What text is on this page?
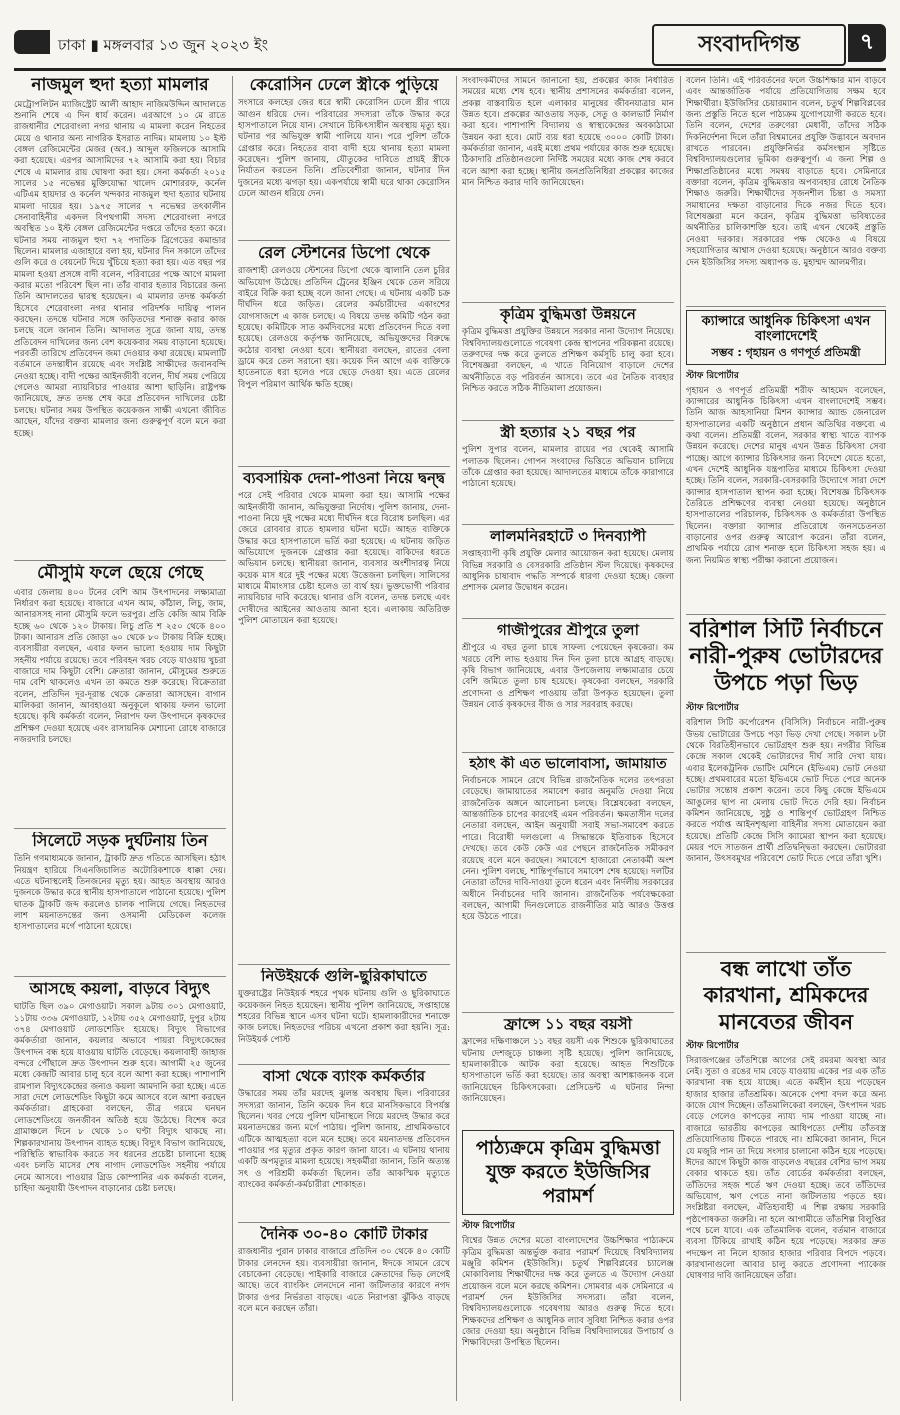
ঢাকা ▮ মঙ্গলবার ১৩ জুন ২০২৩ ইং	সংবাদদিগন্ত	৭
নাজমুল হুদা হত্যা মামলার

মেট্রোপলিটন ম্যাজিস্ট্রেট আলী আহাদ নাজিমউদ্দিন আদালতে শুনানি শেষে এ দিন ধার্য করেন। এরআগে ১০ মে রাতে রাজধানীর শেরেবাংলা নগর থানায় এ মামলা করেন নিহতের মেয়ে ও থানার অন্য নাগরিক ইসরাত নাদিম। মামলায় ১০ ইস্ট বেঙ্গল রেজিমেন্টের মেজর (অব.) আব্দুল ফজিলকে আসামি করা হয়েছে। এরপর আসামিদের ৭২ আসামি করা হয়। বিচার শেষে এ মামলার রায় ঘোষণা করা হয়। সেনা কর্মকর্তা ২০১৫ সালের ১৫ নভেম্বর মুক্তিযোদ্ধা খালেদ মোশাররফ, কর্নেল এটিএম হায়দার ও কর্নেল খন্দকার নাজমুল হুদা হত্যার ঘটনায় মামলা দায়ের হয়। ১৯৭৫ সালের ৭ নভেম্বর তৎকালীন সেনাবাহিনীর একদল বিপথগামী সদস্য শেরেবাংলা নগরে অবস্থিত ১০ ইস্ট বেঙ্গল রেজিমেন্টের দপ্তরে তাঁদের হত্যা করে। ঘটনার সময় নাজমুল হুদা ৭২ পদাতিক ব্রিগেডের কমান্ডার ছিলেন। মামলার এজাহারে বলা হয়, ঘটনার দিন সকালে তাঁদের গুলি করে ও বেয়নেট দিয়ে খুঁচিয়ে হত্যা করা হয়। এত বছর পর মামলা হওয়া প্রসঙ্গে বাদী বলেন, পরিবারের পক্ষে আগে মামলা করার মতো পরিবেশ ছিল না। তাঁর বাবার হত্যার বিচারের জন্য তিনি আদালতের দ্বারস্থ হয়েছেন। এ মামলার তদন্ত কর্মকর্তা হিসেবে শেরেবাংলা নগর থানার পরিদর্শক দায়িত্ব পালন করছেন। তদন্তে ঘটনার সঙ্গে জড়িতদের শনাক্ত করার কাজ চলছে বলে জানান তিনি। আদালত সূত্রে জানা যায়, তদন্ত প্রতিবেদন দাখিলের জন্য বেশ কয়েকবার সময় বাড়ানো হয়েছে। পরবর্তী তারিখে প্রতিবেদন জমা দেওয়ার কথা রয়েছে। মামলাটি বর্তমানে তদন্তাধীন রয়েছে এবং সংশ্লিষ্ট সাক্ষীদের জবানবন্দি নেওয়া হচ্ছে। বাদী পক্ষের আইনজীবী বলেন, দীর্ঘ সময় পেরিয়ে গেলেও আমরা ন্যায়বিচার পাওয়ার আশা ছাড়িনি। রাষ্ট্রপক্ষ জানিয়েছে, দ্রুত তদন্ত শেষ করে প্রতিবেদন দাখিলের চেষ্টা চলছে। ঘটনার সময় উপস্থিত কয়েকজন সাক্ষী এখনো জীবিত আছেন, যাঁদের বক্তব্য মামলার জন্য গুরুত্বপূর্ণ বলে মনে করা হচ্ছে।

মৌসুমি ফলে ছেয়ে গেছে

এবার জেলায় ৪০০ টনের বেশি আম উৎপাদনের লক্ষ্যমাত্রা নির্ধারণ করা হয়েছে। বাজারে এখন আম, কাঁঠাল, লিচু, জাম, আনারসসহ নানা মৌসুমি ফলে ভরপুর। প্রতি কেজি আম বিক্রি হচ্ছে ৬০ থেকে ১২০ টাকায়। লিচু প্রতি শ ২৫০ থেকে ৪০০ টাকা। আনারস প্রতি জোড়া ৬০ থেকে ৮০ টাকায় বিক্রি হচ্ছে। ব্যবসায়ীরা বলছেন, এবার ফলন ভালো হওয়ায় দাম কিছুটা সহনীয় পর্যায়ে রয়েছে। তবে পরিবহন খরচ বেড়ে যাওয়ায় খুচরা বাজারে দাম কিছুটা বেশি। ক্রেতারা জানান, মৌসুমের শুরুতে দাম বেশি থাকলেও এখন তা কমতে শুরু করেছে। বিক্রেতারা বলেন, প্রতিদিন দূর-দূরান্ত থেকে ক্রেতারা আসছেন। বাগান মালিকরা জানান, আবহাওয়া অনুকূলে থাকায় ফলন ভালো হয়েছে। কৃষি কর্মকর্তা বলেন, নিরাপদ ফল উৎপাদনে কৃষকদের প্রশিক্ষণ দেওয়া হয়েছে এবং রাসায়নিক মেশানো রোধে বাজারে নজরদারি চলছে।

সিলেটে সড়ক দুর্ঘটনায় তিন

তিনি গণমাধ্যমকে জানান, ট্রাকটি দ্রুত গতিতে আসছিল। হঠাৎ নিয়ন্ত্রণ হারিয়ে সিএনজিচালিত অটোরিকশাকে ধাক্কা দেয়। এতে ঘটনাস্থলেই তিনজনের মৃত্যু হয়। আহত অবস্থায় আরও দুজনকে উদ্ধার করে স্থানীয় হাসপাতালে পাঠানো হয়েছে। পুলিশ ঘাতক ট্রাকটি জব্দ করলেও চালক পালিয়ে গেছে। নিহতদের লাশ ময়নাতদন্তের জন্য ওসমানী মেডিকেল কলেজ হাসপাতালের মর্গে পাঠানো হয়েছে।

আসছে কয়লা, বাড়বে বিদ্যুৎ

ঘাটতি ছিল ৩৯০ মেগাওয়াট। সকাল ৯টায় ৩০১ মেগাওয়াট, ১১টায় ৩৩৬ মেগাওয়াট, ১২টায় ৩৫২ মেগাওয়াট, দুপুর ২টায় ৩৭৪ মেগাওয়াট লোডশেডিং হয়েছে। বিদ্যুৎ বিভাগের কর্মকর্তারা জানান, কয়লার অভাবে পায়রা বিদ্যুৎকেন্দ্রের উৎপাদন বন্ধ হয়ে যাওয়ায় ঘাটতি বেড়েছে। কয়লাবাহী জাহাজ বন্দরে পৌঁছালে দ্রুত উৎপাদন শুরু হবে। আগামী ২৫ জুনের মধ্যে কেন্দ্রটি আবার চালু হবে বলে আশা করা হচ্ছে। পাশাপাশি রামপাল বিদ্যুৎকেন্দ্রের জন্যও কয়লা আমদানি করা হচ্ছে। এতে সারা দেশে লোডশেডিং কিছুটা কমে আসবে বলে আশা করছেন কর্মকর্তারা। গ্রাহকেরা বলছেন, তীব্র গরমে ঘনঘন লোডশেডিংয়ে জনজীবন অতিষ্ঠ হয়ে উঠেছে। বিশেষ করে গ্রামাঞ্চলে দিনে ৮ থেকে ১০ ঘণ্টা বিদ্যুৎ থাকছে না। শিল্পকারখানায় উৎপাদন ব্যাহত হচ্ছে। বিদ্যুৎ বিভাগ জানিয়েছে, পরিস্থিতি স্বাভাবিক করতে সব ধরনের প্রচেষ্টা চালানো হচ্ছে এবং চলতি মাসের শেষ নাগাদ লোডশেডিং সহনীয় পর্যায়ে নেমে আসবে। পাওয়ার গ্রিড কোম্পানির এক কর্মকর্তা বলেন, চাহিদা অনুযায়ী উৎপাদন বাড়ানোর চেষ্টা চলছে।

কেরোসিন ঢেলে স্ত্রীকে পুড়িয়ে

সংসারে কলহের জের ধরে স্বামী কেরোসিন ঢেলে স্ত্রীর গায়ে আগুন ধরিয়ে দেন। পরিবারের সদস্যরা তাঁকে উদ্ধার করে হাসপাতালে নিয়ে যান। সেখানে চিকিৎসাধীন অবস্থায় মৃত্যু হয়। ঘটনার পর অভিযুক্ত স্বামী পালিয়ে যান। পরে পুলিশ তাঁকে গ্রেপ্তার করে। নিহতের বাবা বাদী হয়ে থানায় হত্যা মামলা করেছেন। পুলিশ জানায়, যৌতুকের দাবিতে প্রায়ই স্ত্রীকে নির্যাতন করতেন তিনি। প্রতিবেশীরা জানান, ঘটনার দিন দুজনের মধ্যে ঝগড়া হয়। একপর্যায়ে স্বামী ঘরে থাকা কেরোসিন ঢেলে আগুন ধরিয়ে দেন।

রেল স্টেশনের ডিপো থেকে

রাজশাহী রেলওয়ে স্টেশনের ডিপো থেকে জ্বালানি তেল চুরির অভিযোগ উঠেছে। প্রতিদিন ট্রেনের ইঞ্জিন থেকে তেল সরিয়ে বাইরে বিক্রি করা হচ্ছে বলে জানা গেছে। এ ঘটনায় একটি চক্র দীর্ঘদিন ধরে জড়িত। রেলের কর্মচারীদের একাংশের যোগসাজশে এ কাজ চলছে। এ বিষয়ে তদন্ত কমিটি গঠন করা হয়েছে। কমিটিকে সাত কর্মদিবসের মধ্যে প্রতিবেদন দিতে বলা হয়েছে। রেলওয়ে কর্তৃপক্ষ জানিয়েছে, অভিযুক্তদের বিরুদ্ধে কঠোর ব্যবস্থা নেওয়া হবে। স্থানীয়রা বলছেন, রাতের বেলা ড্রামে করে তেল সরানো হয়। কয়েক দিন আগে এক ব্যক্তিকে হাতেনাতে ধরা হলেও পরে ছেড়ে দেওয়া হয়। এতে রেলের বিপুল পরিমাণ আর্থিক ক্ষতি হচ্ছে।

ব্যবসায়িক দেনা-পাওনা নিয়ে দ্বন্দ্ব

পরে সেই পরিবার থেকে মামলা করা হয়। আসামি পক্ষের আইনজীবী জানান, অভিযুক্তরা নির্দোষ। পুলিশ জানায়, দেনা-পাওনা নিয়ে দুই পক্ষের মধ্যে দীর্ঘদিন ধরে বিরোধ চলছিল। এর জেরে রোববার রাতে হামলার ঘটনা ঘটে। আহত ব্যক্তিকে উদ্ধার করে হাসপাতালে ভর্তি করা হয়েছে। এ ঘটনায় জড়িত অভিযোগে দুজনকে গ্রেপ্তার করা হয়েছে। বাকিদের ধরতে অভিযান চলছে। স্থানীয়রা জানান, ব্যবসার অংশীদারত্ব নিয়ে কয়েক মাস ধরে দুই পক্ষের মধ্যে উত্তেজনা চলছিল। সালিসের মাধ্যমে মীমাংসার চেষ্টা হলেও তা ব্যর্থ হয়। ভুক্তভোগী পরিবার ন্যায়বিচার দাবি করেছে। থানার ওসি বলেন, তদন্ত চলছে এবং দোষীদের আইনের আওতায় আনা হবে। এলাকায় অতিরিক্ত পুলিশ মোতায়েন করা হয়েছে।

নিউইয়র্কে গুলি-ছুরিকাঘাতে

যুক্তরাষ্ট্রের নিউইয়র্ক শহরে পৃথক ঘটনায় গুলি ও ছুরিকাঘাতে কয়েকজন নিহত হয়েছেন। স্থানীয় পুলিশ জানিয়েছে, সপ্তাহান্তে শহরের বিভিন্ন স্থানে এসব ঘটনা ঘটে। হামলাকারীদের শনাক্তে কাজ চলছে। নিহতদের পরিচয় এখনো প্রকাশ করা হয়নি। সূত্র: নিউইয়র্ক পোস্ট

বাসা থেকে ব্যাংক কর্মকর্তার

উদ্ধারের সময় তাঁর মরদেহ ঝুলন্ত অবস্থায় ছিল। পরিবারের সদস্যরা জানান, তিনি কয়েক দিন ধরে মানসিকভাবে বিপর্যস্ত ছিলেন। খবর পেয়ে পুলিশ ঘটনাস্থলে গিয়ে মরদেহ উদ্ধার করে ময়নাতদন্তের জন্য মর্গে পাঠায়। পুলিশ জানায়, প্রাথমিকভাবে এটিকে আত্মহত্যা বলে মনে হচ্ছে। তবে ময়নাতদন্ত প্রতিবেদন পাওয়ার পর মৃত্যুর প্রকৃত কারণ জানা যাবে। এ ঘটনায় থানায় একটি অপমৃত্যুর মামলা হয়েছে। সহকর্মীরা জানান, তিনি অত্যন্ত সৎ ও পরিশ্রমী কর্মকর্তা ছিলেন। তাঁর আকস্মিক মৃত্যুতে ব্যাংকের কর্মকর্তা-কর্মচারীরা শোকাহত।

দৈনিক ৩০-৪০ কোটি টাকার

রাজধানীর পুরান ঢাকার বাজারে প্রতিদিন ৩০ থেকে ৪০ কোটি টাকার লেনদেন হয়। ব্যবসায়ীরা জানান, ঈদকে সামনে রেখে বেচাকেনা বেড়েছে। পাইকারি বাজারে ক্রেতাদের ভিড় লেগেই আছে। তবে ব্যাংকিং লেনদেনে নানা জটিলতার কারণে নগদ টাকার ওপর নির্ভরতা বাড়ছে। এতে নিরাপত্তা ঝুঁকিও বাড়ছে বলে মনে করছেন তাঁরা।

সংবাদকর্মীদের সামনে জানানো হয়, প্রকল্পের কাজ নির্ধারিত সময়ের মধ্যে শেষ হবে। স্থানীয় প্রশাসনের কর্মকর্তারা বলেন, প্রকল্প বাস্তবায়িত হলে এলাকার মানুষের জীবনযাত্রার মান উন্নত হবে। প্রকল্পের আওতায় সড়ক, সেতু ও কালভার্ট নির্মাণ করা হবে। পাশাপাশি বিদ্যালয় ও স্বাস্থ্যকেন্দ্রের অবকাঠামো উন্নয়ন করা হবে। মোট ব্যয় ধরা হয়েছে ৩০০০ কোটি টাকা। কর্মকর্তারা জানান, এরই মধ্যে প্রথম পর্যায়ের কাজ শুরু হয়েছে। ঠিকাদারি প্রতিষ্ঠানগুলো নির্দিষ্ট সময়ের মধ্যে কাজ শেষ করবে বলে আশা করা হচ্ছে। স্থানীয় জনপ্রতিনিধিরা প্রকল্পের কাজের মান নিশ্চিত করার দাবি জানিয়েছেন।

কৃত্রিম বুদ্ধিমত্তা উন্নয়নে

কৃত্রিম বুদ্ধিমত্তা প্রযুক্তির উন্নয়নে সরকার নানা উদ্যোগ নিয়েছে। বিশ্ববিদ্যালয়গুলোতে গবেষণা কেন্দ্র স্থাপনের পরিকল্পনা রয়েছে। তরুণদের দক্ষ করে তুলতে প্রশিক্ষণ কর্মসূচি চালু করা হবে। বিশেষজ্ঞরা বলছেন, এ খাতে বিনিয়োগ বাড়ালে দেশের অর্থনীতিতে বড় পরিবর্তন আসবে। তবে এর নৈতিক ব্যবহার নিশ্চিত করতে সঠিক নীতিমালা প্রয়োজন।

স্ত্রী হত্যার ২১ বছর পর

পুলিশ সুপার বলেন, মামলার রায়ের পর থেকেই আসামি পলাতক ছিলেন। গোপন সংবাদের ভিত্তিতে অভিযান চালিয়ে তাঁকে গ্রেপ্তার করা হয়েছে। আদালতের মাধ্যমে তাঁকে কারাগারে পাঠানো হয়েছে।

লালমনিরহাটে ৩ দিনব্যাপী

সপ্তাহব্যাপী কৃষি প্রযুক্তি মেলার আয়োজন করা হয়েছে। মেলায় বিভিন্ন সরকারি ও বেসরকারি প্রতিষ্ঠান স্টল দিয়েছে। কৃষকদের আধুনিক চাষাবাদ পদ্ধতি সম্পর্কে ধারণা দেওয়া হচ্ছে। জেলা প্রশাসক মেলার উদ্বোধন করেন।

গাজীপুরের শ্রীপুরে তুলা

শ্রীপুরে এ বছর তুলা চাষে সাফল্য পেয়েছেন কৃষকেরা। কম খরচে বেশি লাভ হওয়ায় দিন দিন তুলা চাষে আগ্রহ বাড়ছে। কৃষি বিভাগ জানিয়েছে, এবার উপজেলায় লক্ষ্যমাত্রার চেয়ে বেশি জমিতে তুলা চাষ হয়েছে। কৃষকেরা বলছেন, সরকারি প্রণোদনা ও প্রশিক্ষণ পাওয়ায় তাঁরা উপকৃত হয়েছেন। তুলা উন্নয়ন বোর্ড কৃষকদের বীজ ও সার সরবরাহ করছে।

হঠাৎ কী এত ভালোবাসা, জামায়াত

নির্বাচনকে সামনে রেখে বিভিন্ন রাজনৈতিক দলের তৎপরতা বেড়েছে। জামায়াতের সমাবেশ করার অনুমতি দেওয়া নিয়ে রাজনৈতিক অঙ্গনে আলোচনা চলছে। বিশ্লেষকেরা বলছেন, আন্তর্জাতিক চাপের কারণেই এমন পরিবর্তন। ক্ষমতাসীন দলের নেতারা বলছেন, আইন অনুযায়ী সবাই সভা-সমাবেশ করতে পারে। বিরোধী দলগুলো এ সিদ্ধান্তকে ইতিবাচক হিসেবে দেখছে। তবে কেউ কেউ এর পেছনে রাজনৈতিক সমীকরণ রয়েছে বলে মনে করছেন। সমাবেশে হাজারো নেতাকর্মী অংশ নেন। পুলিশ বলছে, শান্তিপূর্ণভাবে সমাবেশ শেষ হয়েছে। দলটির নেতারা তাঁদের দাবি-দাওয়া তুলে ধরেন এবং নির্দলীয় সরকারের অধীনে নির্বাচনের দাবি জানান। রাজনৈতিক পর্যবেক্ষকেরা বলছেন, আগামী দিনগুলোতে রাজনীতির মাঠ আরও উত্তপ্ত হয়ে উঠতে পারে।

ফ্রান্সে ১১ বছর বয়সী

ফ্রান্সের দক্ষিণাঞ্চলে ১১ বছর বয়সী এক শিশুকে ছুরিকাঘাতের ঘটনায় দেশজুড়ে চাঞ্চল্য সৃষ্টি হয়েছে। পুলিশ জানিয়েছে, হামলাকারীকে আটক করা হয়েছে। আহত শিশুটিকে হাসপাতালে ভর্তি করা হয়েছে। তার অবস্থা আশঙ্কাজনক বলে জানিয়েছেন চিকিৎসকেরা। প্রেসিডেন্ট এ ঘটনার নিন্দা জানিয়েছেন।

পাঠ্যক্রমে কৃত্রিম বুদ্ধিমত্তা যুক্ত করতে ইউজিসির পরামর্শ
স্টাফ রিপোর্টার

বিশ্বের উন্নত দেশের মতো বাংলাদেশের উচ্চশিক্ষার পাঠ্যক্রমে কৃত্রিম বুদ্ধিমত্তা অন্তর্ভুক্ত করার পরামর্শ দিয়েছে বিশ্ববিদ্যালয় মঞ্জুরি কমিশন (ইউজিসি)। চতুর্থ শিল্পবিপ্লবের চ্যালেঞ্জ মোকাবিলায় শিক্ষার্থীদের দক্ষ করে তুলতে এ উদ্যোগ নেওয়া প্রয়োজন বলে মনে করছে কমিশন। সোমবার এক সেমিনারে এ পরামর্শ দেন ইউজিসির সদস্যরা। তাঁরা বলেন, বিশ্ববিদ্যালয়গুলোকে গবেষণায় আরও গুরুত্ব দিতে হবে। শিক্ষকদের প্রশিক্ষণ ও আধুনিক ল্যাব সুবিধা নিশ্চিত করার ওপর জোর দেওয়া হয়। অনুষ্ঠানে বিভিন্ন বিশ্ববিদ্যালয়ের উপাচার্য ও শিক্ষাবিদেরা উপস্থিত ছিলেন।

বলেন তিনি। এই পরিবর্তনের ফলে উচ্চশিক্ষার মান বাড়বে এবং আন্তর্জাতিক পর্যায়ে প্রতিযোগিতায় সক্ষম হবে শিক্ষার্থীরা। ইউজিসির চেয়ারম্যান বলেন, চতুর্থ শিল্পবিপ্লবের জন্য প্রস্তুতি নিতে হলে পাঠ্যক্রম যুগোপযোগী করতে হবে। তিনি বলেন, দেশের তরুণেরা মেধাবী, তাঁদের সঠিক দিকনির্দেশনা দিলে তাঁরা বিশ্বমানের প্রযুক্তি উদ্ভাবনে অবদান রাখতে পারবেন। প্রযুক্তিনির্ভর কর্মসংস্থান সৃষ্টিতে বিশ্ববিদ্যালয়গুলোর ভূমিকা গুরুত্বপূর্ণ। এ জন্য শিল্প ও শিক্ষাপ্রতিষ্ঠানের মধ্যে সমন্বয় বাড়াতে হবে। সেমিনারে বক্তারা বলেন, কৃত্রিম বুদ্ধিমত্তার অপব্যবহার রোধে নৈতিক শিক্ষাও জরুরি। শিক্ষার্থীদের সৃজনশীল চিন্তা ও সমস্যা সমাধানের দক্ষতা বাড়ানোর দিকে নজর দিতে হবে। বিশেষজ্ঞরা মনে করেন, কৃত্রিম বুদ্ধিমত্তা ভবিষ্যতের অর্থনীতির চালিকাশক্তি হবে। তাই এখন থেকেই প্রস্তুতি নেওয়া দরকার। সরকারের পক্ষ থেকেও এ বিষয়ে সহযোগিতার আশ্বাস দেওয়া হয়েছে। অনুষ্ঠানে আরও বক্তব্য দেন ইউজিসির সদস্য অধ্যাপক ড. মুহাম্মদ আলমগীর।

ক্যান্সারে আধুনিক চিকিৎসা এখন বাংলাদেশেই
সম্ভব : গৃহায়ন ও গণপূর্ত প্রতিমন্ত্রী
স্টাফ রিপোর্টার

গৃহায়ন ও গণপূর্ত প্রতিমন্ত্রী শরীফ আহমেদ বলেছেন, ক্যান্সারের আধুনিক চিকিৎসা এখন বাংলাদেশেই সম্ভব। তিনি আজ আহসানিয়া মিশন ক্যান্সার অ্যান্ড জেনারেল হাসপাতালের একটি অনুষ্ঠানে প্রধান অতিথির বক্তব্যে এ কথা বলেন। প্রতিমন্ত্রী বলেন, সরকার স্বাস্থ্য খাতে ব্যাপক উন্নয়ন করেছে। দেশের মানুষ এখন উন্নত চিকিৎসা সেবা পাচ্ছে। আগে ক্যান্সার চিকিৎসার জন্য বিদেশে যেতে হতো, এখন দেশেই আধুনিক যন্ত্রপাতির মাধ্যমে চিকিৎসা দেওয়া হচ্ছে। তিনি বলেন, সরকারি-বেসরকারি উদ্যোগে সারা দেশে ক্যান্সার হাসপাতাল স্থাপন করা হচ্ছে। বিশেষজ্ঞ চিকিৎসক তৈরিতে প্রশিক্ষণের ব্যবস্থা নেওয়া হয়েছে। অনুষ্ঠানে হাসপাতালের পরিচালক, চিকিৎসক ও কর্মকর্তারা উপস্থিত ছিলেন। বক্তারা ক্যান্সার প্রতিরোধে জনসচেতনতা বাড়ানোর ওপর গুরুত্ব আরোপ করেন। তাঁরা বলেন, প্রাথমিক পর্যায়ে রোগ শনাক্ত হলে চিকিৎসা সহজ হয়। এ জন্য নিয়মিত স্বাস্থ্য পরীক্ষা করানো প্রয়োজন।

বরিশাল সিটি নির্বাচনে নারী-পুরুষ ভোটারদের উপচে পড়া ভিড়
স্টাফ রিপোর্টার

বরিশাল সিটি কর্পোরেশন (বিসিসি) নির্বাচনে নারী-পুরুষ উভয় ভোটারের উপচে পড়া ভিড় দেখা গেছে। সকাল ৮টা থেকে বিরতিহীনভাবে ভোটগ্রহণ শুরু হয়। নগরীর বিভিন্ন কেন্দ্রে সকাল থেকেই ভোটারদের দীর্ঘ সারি দেখা যায়। এবার ইলেকট্রনিক ভোটিং মেশিনে (ইভিএম) ভোট নেওয়া হচ্ছে। প্রথমবারের মতো ইভিএমে ভোট দিতে পেরে অনেক ভোটার সন্তোষ প্রকাশ করেন। তবে কিছু কেন্দ্রে ইভিএমে আঙুলের ছাপ না মেলায় ভোট দিতে দেরি হয়। নির্বাচন কমিশন জানিয়েছে, সুষ্ঠু ও শান্তিপূর্ণ ভোটগ্রহণ নিশ্চিত করতে পর্যাপ্ত আইনশৃঙ্খলা বাহিনীর সদস্য মোতায়েন করা হয়েছে। প্রতিটি কেন্দ্রে সিসি ক্যামেরা স্থাপন করা হয়েছে। মেয়র পদে সাতজন প্রার্থী প্রতিদ্বন্দ্বিতা করছেন। ভোটাররা জানান, উৎসবমুখর পরিবেশে ভোট দিতে পেরে তাঁরা খুশি।

বন্ধ লাখো তাঁত কারখানা, শ্রমিকদের মানবেতর জীবন
স্টাফ রিপোর্টার

সিরাজগঞ্জের তাঁতশিল্পে আগের সেই রমরমা অবস্থা আর নেই। সুতা ও রঙের দাম বেড়ে যাওয়ায় একের পর এক তাঁত কারখানা বন্ধ হয়ে যাচ্ছে। এতে কর্মহীন হয়ে পড়েছেন হাজার হাজার তাঁতশ্রমিক। অনেকে পেশা বদল করে অন্য কাজে যোগ দিচ্ছেন। তাঁতমালিকেরা বলছেন, উৎপাদন খরচ বেড়ে গেলেও কাপড়ের ন্যায্য দাম পাওয়া যাচ্ছে না। বাজারে ভারতীয় কাপড়ের আধিপত্যে দেশীয় তাঁতবস্ত্র প্রতিযোগিতায় টিকতে পারছে না। শ্রমিকেরা জানান, দিনে যে মজুরি পান তা দিয়ে সংসার চালানো কঠিন হয়ে পড়েছে। ঈদের আগে কিছুটা কাজ বাড়লেও বছরের বেশির ভাগ সময় বেকার থাকতে হয়। তাঁত বোর্ডের কর্মকর্তারা বলছেন, তাঁতিদের সহজ শর্তে ঋণ দেওয়া হচ্ছে। তবে তাঁতিদের অভিযোগ, ঋণ পেতে নানা জটিলতায় পড়তে হয়। সংশ্লিষ্টরা বলছেন, ঐতিহ্যবাহী এ শিল্প রক্ষায় সরকারি পৃষ্ঠপোষকতা জরুরি। না হলে আগামীতে তাঁতশিল্প বিলুপ্তির পথে চলে যাবে। এক তাঁতমালিক বলেন, বর্তমান বাজারে ব্যবসা টিকিয়ে রাখাই কঠিন হয়ে পড়েছে। সরকার দ্রুত পদক্ষেপ না নিলে হাজার হাজার পরিবার বিপদে পড়বে। কারখানাগুলো আবার চালু করতে প্রণোদনা প্যাকেজ ঘোষণার দাবি জানিয়েছেন তাঁরা।
